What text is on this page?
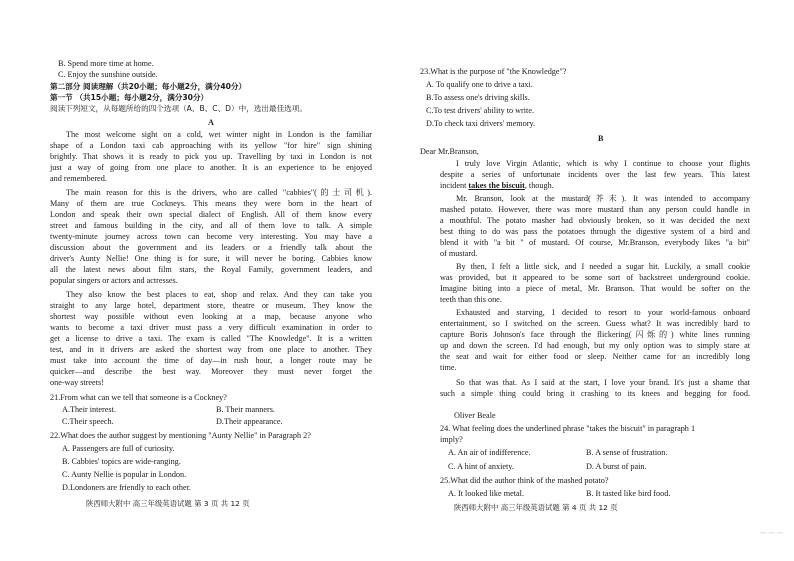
B. Spend more time at home.
C. Enjoy the sunshine outside.
第二部分 阅读理解（共20小题；每小题2分，满分40分）
第一节 （共15小题；每小题2分，满分30分）
阅读下列短文，从每题所给的四个选项（A、B、C、D）中，选出最佳选项。
A
The most welcome sight on a cold, wet winter night in London is the familiar
shape of a London taxi cab approaching with its yellow "for hire" sign shining
brightly. That shows it is ready to pick you up. Travelling by taxi in London is not
just a way of going from one place to another. It is an experience to be enjoyed
and remembered.
The main reason for this is the drivers, who are called "cabbies"(的士司机).
Many of them are true Cockneys. This means they were born in the heart of
London and speak their own special dialect of English. All of them know every
street and famous building in the city, and all of them love to talk. A simple
twenty-minute journey across town can become very interesting. You may have a
discussion about the government and its leaders or a friendly talk about the
driver's Aunty Nellie! One thing is for sure, it will never be boring. Cabbies know
all the latest news about film stars, the Royal Family, government leaders, and
popular singers or actors and actresses.
They also know the best places to eat, shop and relax. And they can take you
straight to any large hotel, department store, theatre or museum. They know the
shortest way possible without even looking at a map, because anyone who
wants to become a taxi driver must pass a very difficult examination in order to
get a license to drive a taxi. The exam is called "The Knowledge". It is a written
test, and in it drivers are asked the shortest way from one place to another. They
must take into account the time of day—in rush hour, a longer route may be
quicker—and describe the best way. Moreover they must never forget the
one-way streets!
21.From what can we tell that someone is a Cockney?
A.Their interest.	B. Their manners.
C.Their speech.	D.Their appearance.
22.What does the author suggest by mentioning "Aunty Nellie" in Paragraph 2?
A. Passengers are full of curiosity.
B. Cabbies' topics are wide-ranging.
C. Aunty Nellie is popular in London.
D.Londoners are friendly to each other.
陕西师大附中 高三年级英语试题 第 3 页 共 12 页
23.What is the purpose of "the Knowledge"?
A. To qualify one to drive a taxi.
B.To assess one's driving skills.
C.To test drivers' ability to write.
D.To check taxi drivers' memory.
B
Dear Mr.Branson,
I truly love Virgin Atlantic, which is why I continue to choose your flights
despite a series of unfortunate incidents over the last few years. This latest
incident takes the biscuit, though.
Mr. Branson, look at the mustard(芥末). It was intended to accompany
mashed potato. However, there was more mustard than any person could handle in
a mouthful. The potato masher had obviously broken, so it was decided the next
best thing to do was pass the potatoes through the digestive system of a bird and
blend it with "a bit " of mustard. Of course, Mr.Branson, everybody likes "a bit"
of mustard.
By then, I felt a little sick, and I needed a sugar hit. Luckily, a small cookie
was provided, but it appeared to be some sort of backstreet underground cookie.
Imagine biting into a piece of metal, Mr. Branson. That would be softer on the
teeth than this one.
Exhausted and starving, I decided to resort to your world-famous onboard
entertainment, so I switched on the screen. Guess what? It was incredibly hard to
capture Boris Johnson's face through the flickering(闪烁的) white lines running
up and down the screen. I'd had enough, but my only option was to simply stare at
the seat and wait for either food or sleep. Neither came for an incredibly long
time.
So that was that. As I said at the start, I love your brand. It's just a shame that
such a simple thing could bring it crashing to its knees and begging for food.
Oliver Beale
24. What feeling does the underlined phrase "takes the biscuit" in paragraph 1
imply?
A. An air of indifference.	B. A sense of frustration.
C. A hint of anxiety.	D. A burst of pain.
25.What did the author think of the mashed potato?
A. It looked like metal.	B. It tasted like bird food.
陕西师大附中 高三年级英语试题 第 4 页 共 12 页
~~~
